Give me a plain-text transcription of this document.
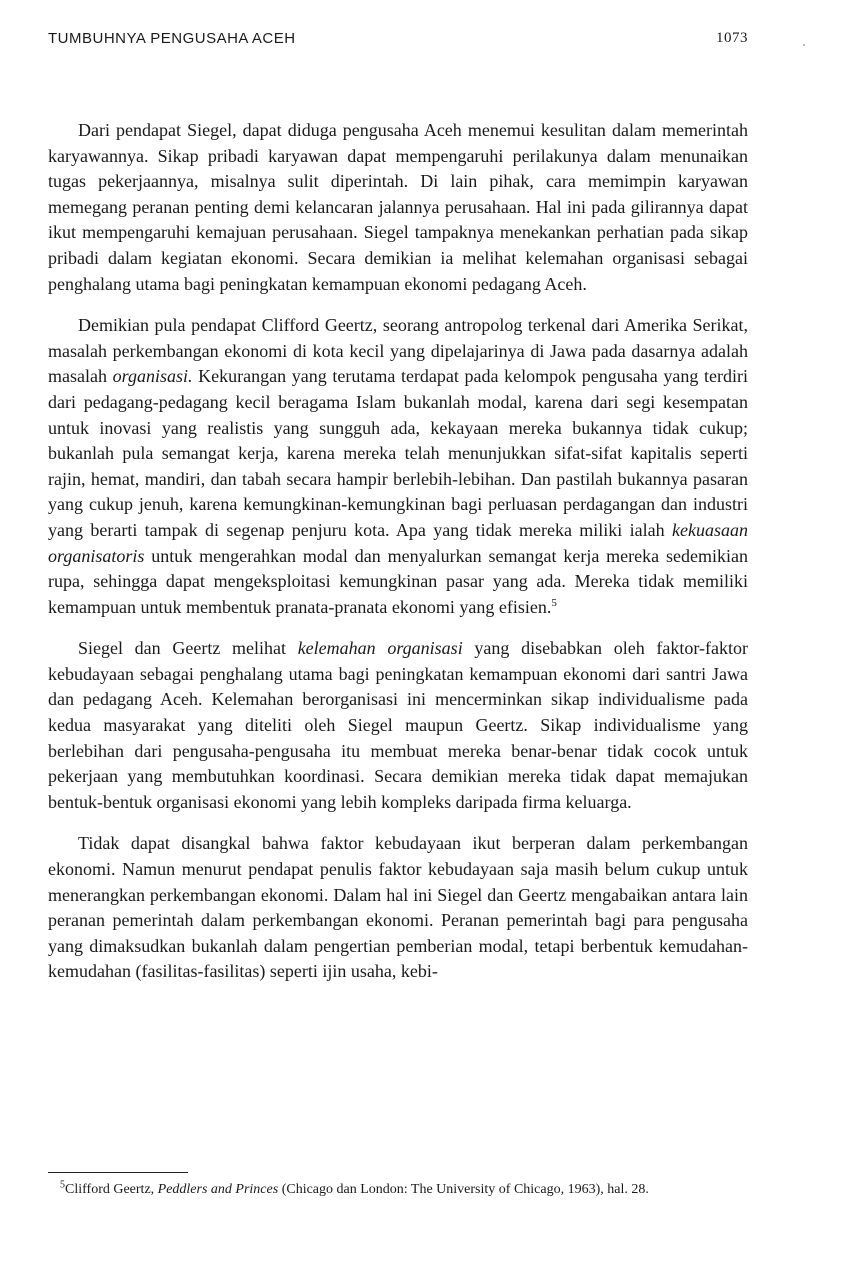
TUMBUHNYA PENGUSAHA ACEH	1073

Dari pendapat Siegel, dapat diduga pengusaha Aceh menemui kesulitan dalam memerintah karyawannya. Sikap pribadi karyawan dapat mempengaruhi perilakunya dalam menunaikan tugas pekerjaannya, misalnya sulit diperintah. Di lain pihak, cara memimpin karyawan memegang peranan penting demi kelancaran jalannya perusahaan. Hal ini pada gilirannya dapat ikut mempengaruhi kemajuan perusahaan. Siegel tampaknya menekankan perhatian pada sikap pribadi dalam kegiatan ekonomi. Secara demikian ia melihat kelemahan organisasi sebagai penghalang utama bagi peningkatan kemampuan ekonomi pedagang Aceh.

Demikian pula pendapat Clifford Geertz, seorang antropolog terkenal dari Amerika Serikat, masalah perkembangan ekonomi di kota kecil yang dipelajarinya di Jawa pada dasarnya adalah masalah organisasi. Kekurangan yang terutama terdapat pada kelompok pengusaha yang terdiri dari pedagang-pedagang kecil beragama Islam bukanlah modal, karena dari segi kesempatan untuk inovasi yang realistis yang sungguh ada, kekayaan mereka bukannya tidak cukup; bukanlah pula semangat kerja, karena mereka telah menunjukkan sifat-sifat kapitalis seperti rajin, hemat, mandiri, dan tabah secara hampir berlebih-lebihan. Dan pastilah bukannya pasaran yang cukup jenuh, karena kemungkinan-kemungkinan bagi perluasan perdagangan dan industri yang berarti tampak di segenap penjuru kota. Apa yang tidak mereka miliki ialah kekuasaan organisatoris untuk mengerahkan modal dan menyalurkan semangat kerja mereka sedemikian rupa, sehingga dapat mengeksploitasi kemungkinan pasar yang ada. Mereka tidak memiliki kemampuan untuk membentuk pranata-pranata ekonomi yang efisien.$^5$

Siegel dan Geertz melihat kelemahan organisasi yang disebabkan oleh faktor-faktor kebudayaan sebagai penghalang utama bagi peningkatan kemampuan ekonomi dari santri Jawa dan pedagang Aceh. Kelemahan berorganisasi ini mencerminkan sikap individualisme pada kedua masyarakat yang diteliti oleh Siegel maupun Geertz. Sikap individualisme yang berlebihan dari pengusaha-pengusaha itu membuat mereka benar-benar tidak cocok untuk pekerjaan yang membutuhkan koordinasi. Secara demikian mereka tidak dapat memajukan bentuk-bentuk organisasi ekonomi yang lebih kompleks daripada firma keluarga.

Tidak dapat disangkal bahwa faktor kebudayaan ikut berperan dalam perkembangan ekonomi. Namun menurut pendapat penulis faktor kebudayaan saja masih belum cukup untuk menerangkan perkembangan ekonomi. Dalam hal ini Siegel dan Geertz mengabaikan antara lain peranan pemerintah dalam perkembangan ekonomi. Peranan pemerintah bagi para pengusaha yang dimaksudkan bukanlah dalam pengertian pemberian modal, tetapi berbentuk kemudahan-kemudahan (fasilitas-fasilitas) seperti ijin usaha, kebi-

$^5$Clifford Geertz, Peddlers and Princes (Chicago dan London: The University of Chicago, 1963), hal. 28.
